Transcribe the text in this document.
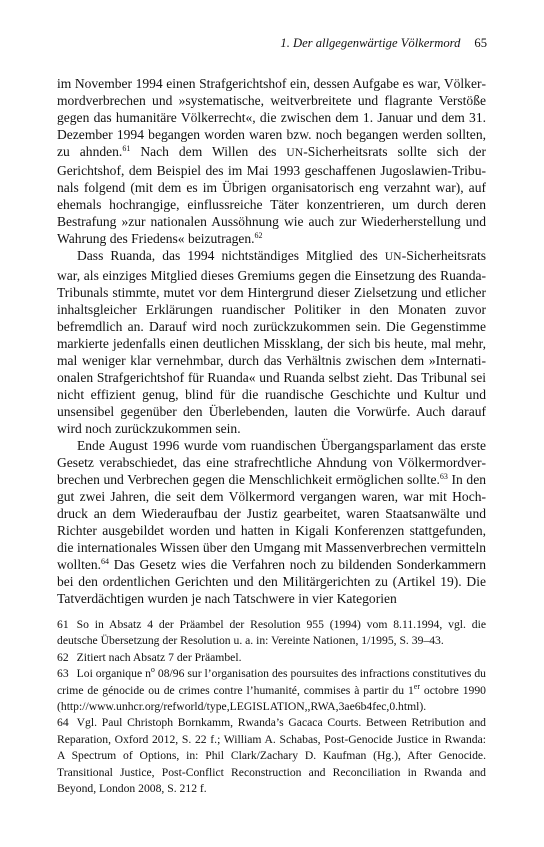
1. Der allgegenwärtige Völkermord 65

im November 1994 einen Strafgerichtshof ein, dessen Aufgabe es war, Völkermordverbrechen und »systematische, weitverbreitete und flagrante Verstöße gegen das humanitäre Völkerrecht«, die zwischen dem 1. Januar und dem 31. Dezember 1994 begangen worden waren bzw. noch begangen werden sollten, zu ahnden.$^{61}$ Nach dem Willen des UN-Sicherheitsrats sollte sich der Gerichtshof, dem Beispiel des im Mai 1993 geschaffenen Jugoslawien-Tribunals folgend (mit dem es im Übrigen organisatorisch eng verzahnt war), auf ehemals hochrangige, einflussreiche Täter konzentrieren, um durch deren Bestrafung »zur nationalen Aussöhnung wie auch zur Wiederherstellung und Wahrung des Friedens« beizutragen.$^{62}$

Dass Ruanda, das 1994 nichtständiges Mitglied des UN-Sicherheitsrats war, als einziges Mitglied dieses Gremiums gegen die Einsetzung des Ruanda-Tribunals stimmte, mutet vor dem Hintergrund dieser Zielsetzung und etlicher inhaltsgleicher Erklärungen ruandischer Politiker in den Monaten zuvor befremdlich an. Darauf wird noch zurückzukommen sein. Die Gegenstimme markierte jedenfalls einen deutlichen Missklang, der sich bis heute, mal mehr, mal weniger klar vernehmbar, durch das Verhältnis zwischen dem »Internationalen Strafgerichtshof für Ruanda« und Ruanda selbst zieht. Das Tribunal sei nicht effizient genug, blind für die ruandische Geschichte und Kultur und unsensibel gegenüber den Überlebenden, lauten die Vorwürfe. Auch darauf wird noch zurückzukommen sein.

Ende August 1996 wurde vom ruandischen Übergangsparlament das erste Gesetz verabschiedet, das eine strafrechtliche Ahndung von Völkermordverbrechen und Verbrechen gegen die Menschlichkeit ermöglichen sollte.$^{63}$ In den gut zwei Jahren, die seit dem Völkermord vergangen waren, war mit Hochdruck an dem Wiederaufbau der Justiz gearbeitet, waren Staatsanwälte und Richter ausgebildet worden und hatten in Kigali Konferenzen stattgefunden, die internationales Wissen über den Umgang mit Massenverbrechen vermitteln wollten.$^{64}$ Das Gesetz wies die Verfahren noch zu bildenden Sonderkammern bei den ordentlichen Gerichten und den Militärgerichten zu (Artikel 19). Die Tatverdächtigen wurden je nach Tatschwere in vier Kategorien

61 So in Absatz 4 der Präambel der Resolution 955 (1994) vom 8.11.1994, vgl. die deutsche Übersetzung der Resolution u. a. in: Vereinte Nationen, 1/1995, S. 39–43.

62 Zitiert nach Absatz 7 der Präambel.

63 Loi organique $n^o$ 08/96 sur l’organisation des poursuites des infractions constitutives du crime de génocide ou de crimes contre l’humanité, commises à partir du 1er octobre 1990 (http://www.unhcr.org/refworld/type,LEGISLATION,,RWA,3ae6b4fec,0.html).

64 Vgl. Paul Christoph Bornkamm, Rwanda’s Gacaca Courts. Between Retribution and Reparation, Oxford 2012, S. 22 f.; William A. Schabas, Post-Genocide Justice in Rwanda: A Spectrum of Options, in: Phil Clark/Zachary D. Kaufman (Hg.), After Genocide. Transitional Justice, Post-Conflict Reconstruction and Reconciliation in Rwanda and Beyond, London 2008, S. 212 f.
